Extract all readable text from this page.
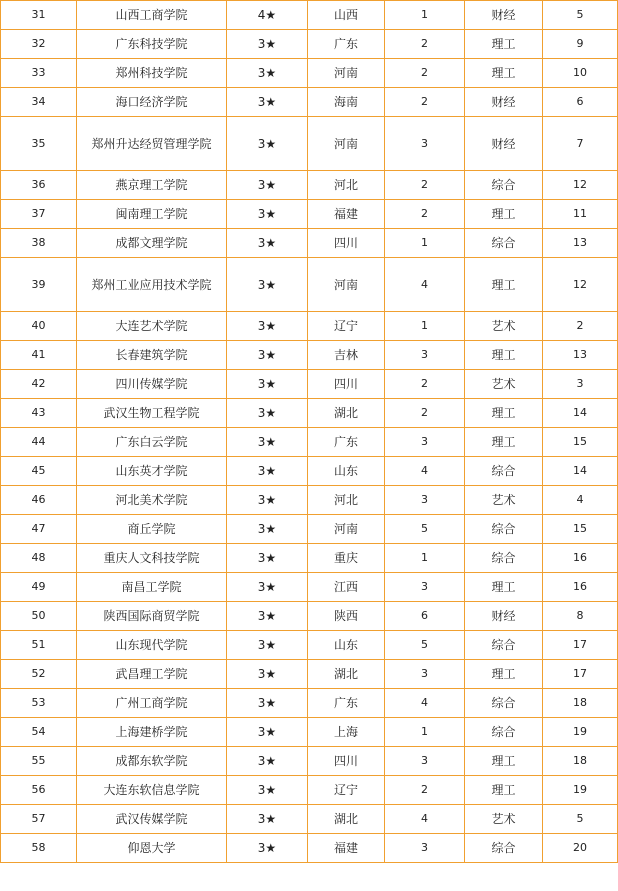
31	山西工商学院	4★	山西	1	财经	5
32	广东科技学院	3★	广东	2	理工	9
33	郑州科技学院	3★	河南	2	理工	10
34	海口经济学院	3★	海南	2	财经	6
35	郑州升达经贸管理学院	3★	河南	3	财经	7
36	燕京理工学院	3★	河北	2	综合	12
37	闽南理工学院	3★	福建	2	理工	11
38	成都文理学院	3★	四川	1	综合	13
39	郑州工业应用技术学院	3★	河南	4	理工	12
40	大连艺术学院	3★	辽宁	1	艺术	2
41	长春建筑学院	3★	吉林	3	理工	13
42	四川传媒学院	3★	四川	2	艺术	3
43	武汉生物工程学院	3★	湖北	2	理工	14
44	广东白云学院	3★	广东	3	理工	15
45	山东英才学院	3★	山东	4	综合	14
46	河北美术学院	3★	河北	3	艺术	4
47	商丘学院	3★	河南	5	综合	15
48	重庆人文科技学院	3★	重庆	1	综合	16
49	南昌工学院	3★	江西	3	理工	16
50	陕西国际商贸学院	3★	陕西	6	财经	8
51	山东现代学院	3★	山东	5	综合	17
52	武昌理工学院	3★	湖北	3	理工	17
53	广州工商学院	3★	广东	4	综合	18
54	上海建桥学院	3★	上海	1	综合	19
55	成都东软学院	3★	四川	3	理工	18
56	大连东软信息学院	3★	辽宁	2	理工	19
57	武汉传媒学院	3★	湖北	4	艺术	5
58	仰恩大学	3★	福建	3	综合	20
